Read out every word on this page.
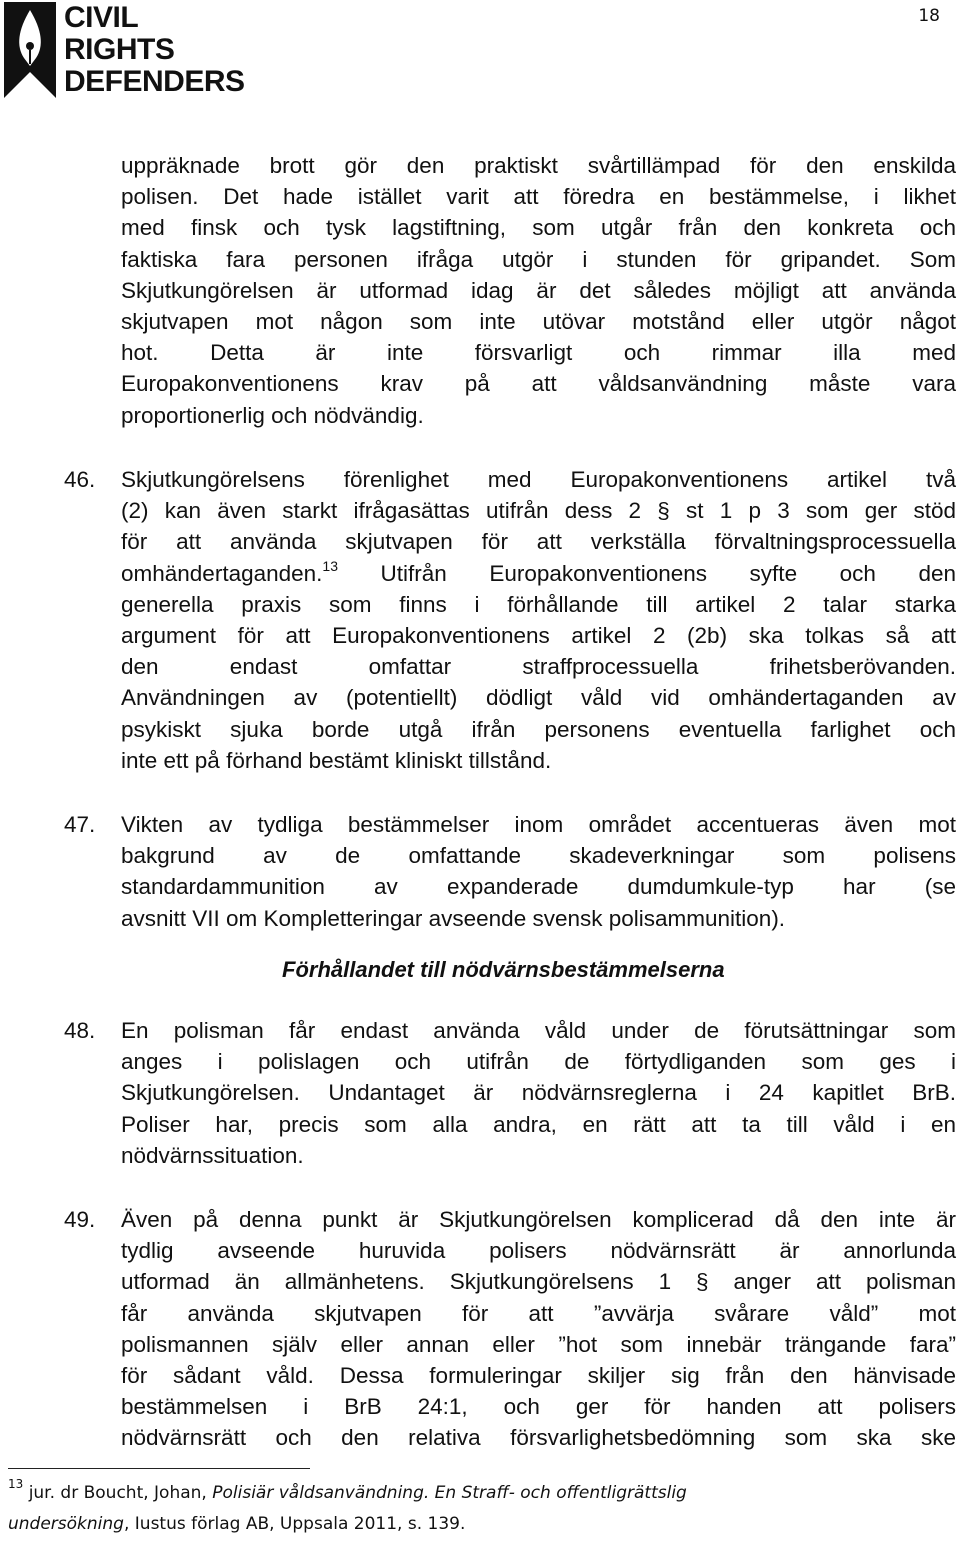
CIVIL
RIGHTS
DEFENDERS
18
uppräknade brott gör den praktiskt svårtillämpad för den enskilda
polisen. Det hade istället varit att föredra en bestämmelse, i likhet
med finsk och tysk lagstiftning, som utgår från den konkreta och
faktiska fara personen ifråga utgör i stunden för gripandet. Som
Skjutkungörelsen är utformad idag är det således möjligt att använda
skjutvapen mot någon som inte utövar motstånd eller utgör något
hot. Detta är inte försvarligt och rimmar illa med
Europakonventionens krav på att våldsanvändning måste vara
proportionerlig och nödvändig.
46. Skjutkungörelsens förenlighet med Europakonventionens artikel två
(2) kan även starkt ifrågasättas utifrån dess 2 § st 1 p 3 som ger stöd
för att använda skjutvapen för att verkställa förvaltningsprocessuella
omhändertaganden.$^{13}$ Utifrån Europakonventionens syfte och den
generella praxis som finns i förhållande till artikel 2 talar starka
argument för att Europakonventionens artikel 2 (2b) ska tolkas så att
den endast omfattar straffprocessuella frihetsberövanden.
Användningen av (potentiellt) dödligt våld vid omhändertaganden av
psykiskt sjuka borde utgå ifrån personens eventuella farlighet och
inte ett på förhand bestämt kliniskt tillstånd.
47. Vikten av tydliga bestämmelser inom området accentueras även mot
bakgrund av de omfattande skadeverkningar som polisens
standardammunition av expanderade dumdumkule-typ har (se
avsnitt VII om Kompletteringar avseende svensk polisammunition).
Förhållandet till nödvärnsbestämmelserna
48. En polisman får endast använda våld under de förutsättningar som
anges i polislagen och utifrån de förtydliganden som ges i
Skjutkungörelsen. Undantaget är nödvärnsreglerna i 24 kapitlet BrB.
Poliser har, precis som alla andra, en rätt att ta till våld i en
nödvärnssituation.
49. Även på denna punkt är Skjutkungörelsen komplicerad då den inte är
tydlig avseende huruvida polisers nödvärnsrätt är annorlunda
utformad än allmänhetens. Skjutkungörelsens 1 § anger att polisman
får använda skjutvapen för att ”avvärja svårare våld” mot
polismannen själv eller annan eller ”hot som innebär trängande fara”
för sådant våld. Dessa formuleringar skiljer sig från den hänvisade
bestämmelsen i BrB 24:1, och ger för handen att polisers
nödvärnsrätt och den relativa försvarlighetsbedömning som ska ske
$^{13}$ jur. dr Boucht, Johan, Polisiär våldsanvändning. En Straff- och offentligrättslig
undersökning, Iustus förlag AB, Uppsala 2011, s. 139.
